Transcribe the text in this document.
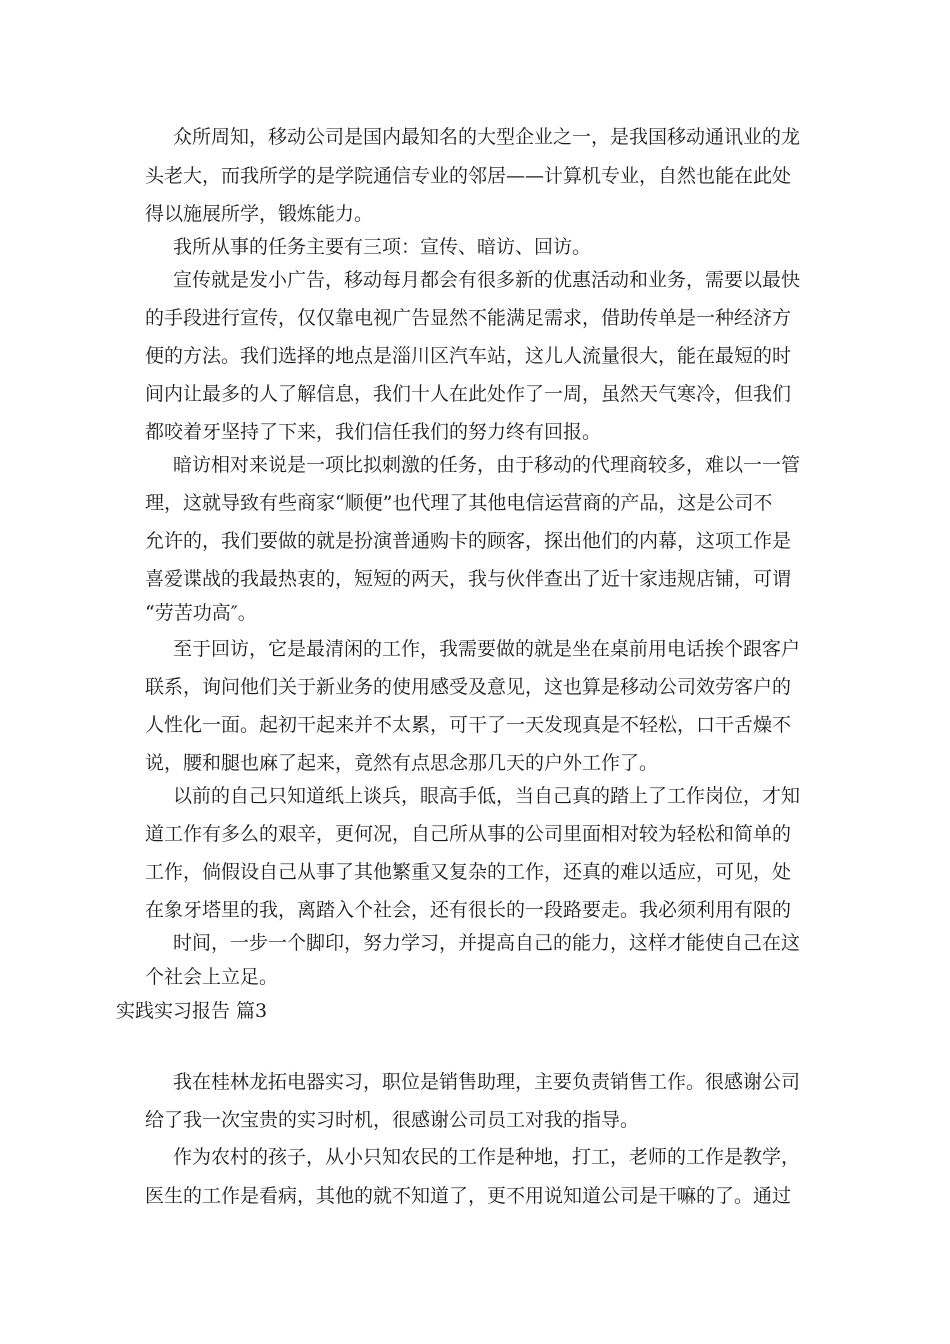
众所周知，移动公司是国内最知名的大型企业之一，是我国移动通讯业的龙
头老大，而我所学的是学院通信专业的邻居——计算机专业，自然也能在此处
得以施展所学，锻炼能力。
我所从事的任务主要有三项：宣传、暗访、回访。
宣传就是发小广告，移动每月都会有很多新的优惠活动和业务，需要以最快
的手段进行宣传，仅仅靠电视广告显然不能满足需求，借助传单是一种经济方
便的方法。我们选择的地点是淄川区汽车站，这儿人流量很大，能在最短的时
间内让最多的人了解信息，我们十人在此处作了一周，虽然天气寒冷，但我们
都咬着牙坚持了下来，我们信任我们的努力终有回报。
暗访相对来说是一项比拟刺激的任务，由于移动的代理商较多，难以一一管
理，这就导致有些商家“顺便”也代理了其他电信运营商的产品，这是公司不
允许的，我们要做的就是扮演普通购卡的顾客，探出他们的内幕，这项工作是
喜爱谍战的我最热衷的，短短的两天，我与伙伴查出了近十家违规店铺，可谓
“劳苦功高″。
至于回访，它是最清闲的工作，我需要做的就是坐在桌前用电话挨个跟客户
联系，询问他们关于新业务的使用感受及意见，这也算是移动公司效劳客户的
人性化一面。起初干起来并不太累，可干了一天发现真是不轻松，口干舌燥不
说，腰和腿也麻了起来，竟然有点思念那几天的户外工作了。
以前的自己只知道纸上谈兵，眼高手低，当自己真的踏上了工作岗位，才知
道工作有多么的艰辛，更何况，自己所从事的公司里面相对较为轻松和简单的
工作，倘假设自己从事了其他繁重又复杂的工作，还真的难以适应，可见，处
在象牙塔里的我，离踏入个社会，还有很长的一段路要走。我必须利用有限的
时间，一步一个脚印，努力学习，并提高自己的能力，这样才能使自己在这
个社会上立足。
实践实习报告 篇3
我在桂林龙拓电器实习，职位是销售助理，主要负责销售工作。很感谢公司
给了我一次宝贵的实习时机，很感谢公司员工对我的指导。
作为农村的孩子，从小只知农民的工作是种地，打工，老师的工作是教学，
医生的工作是看病，其他的就不知道了，更不用说知道公司是干嘛的了。通过
